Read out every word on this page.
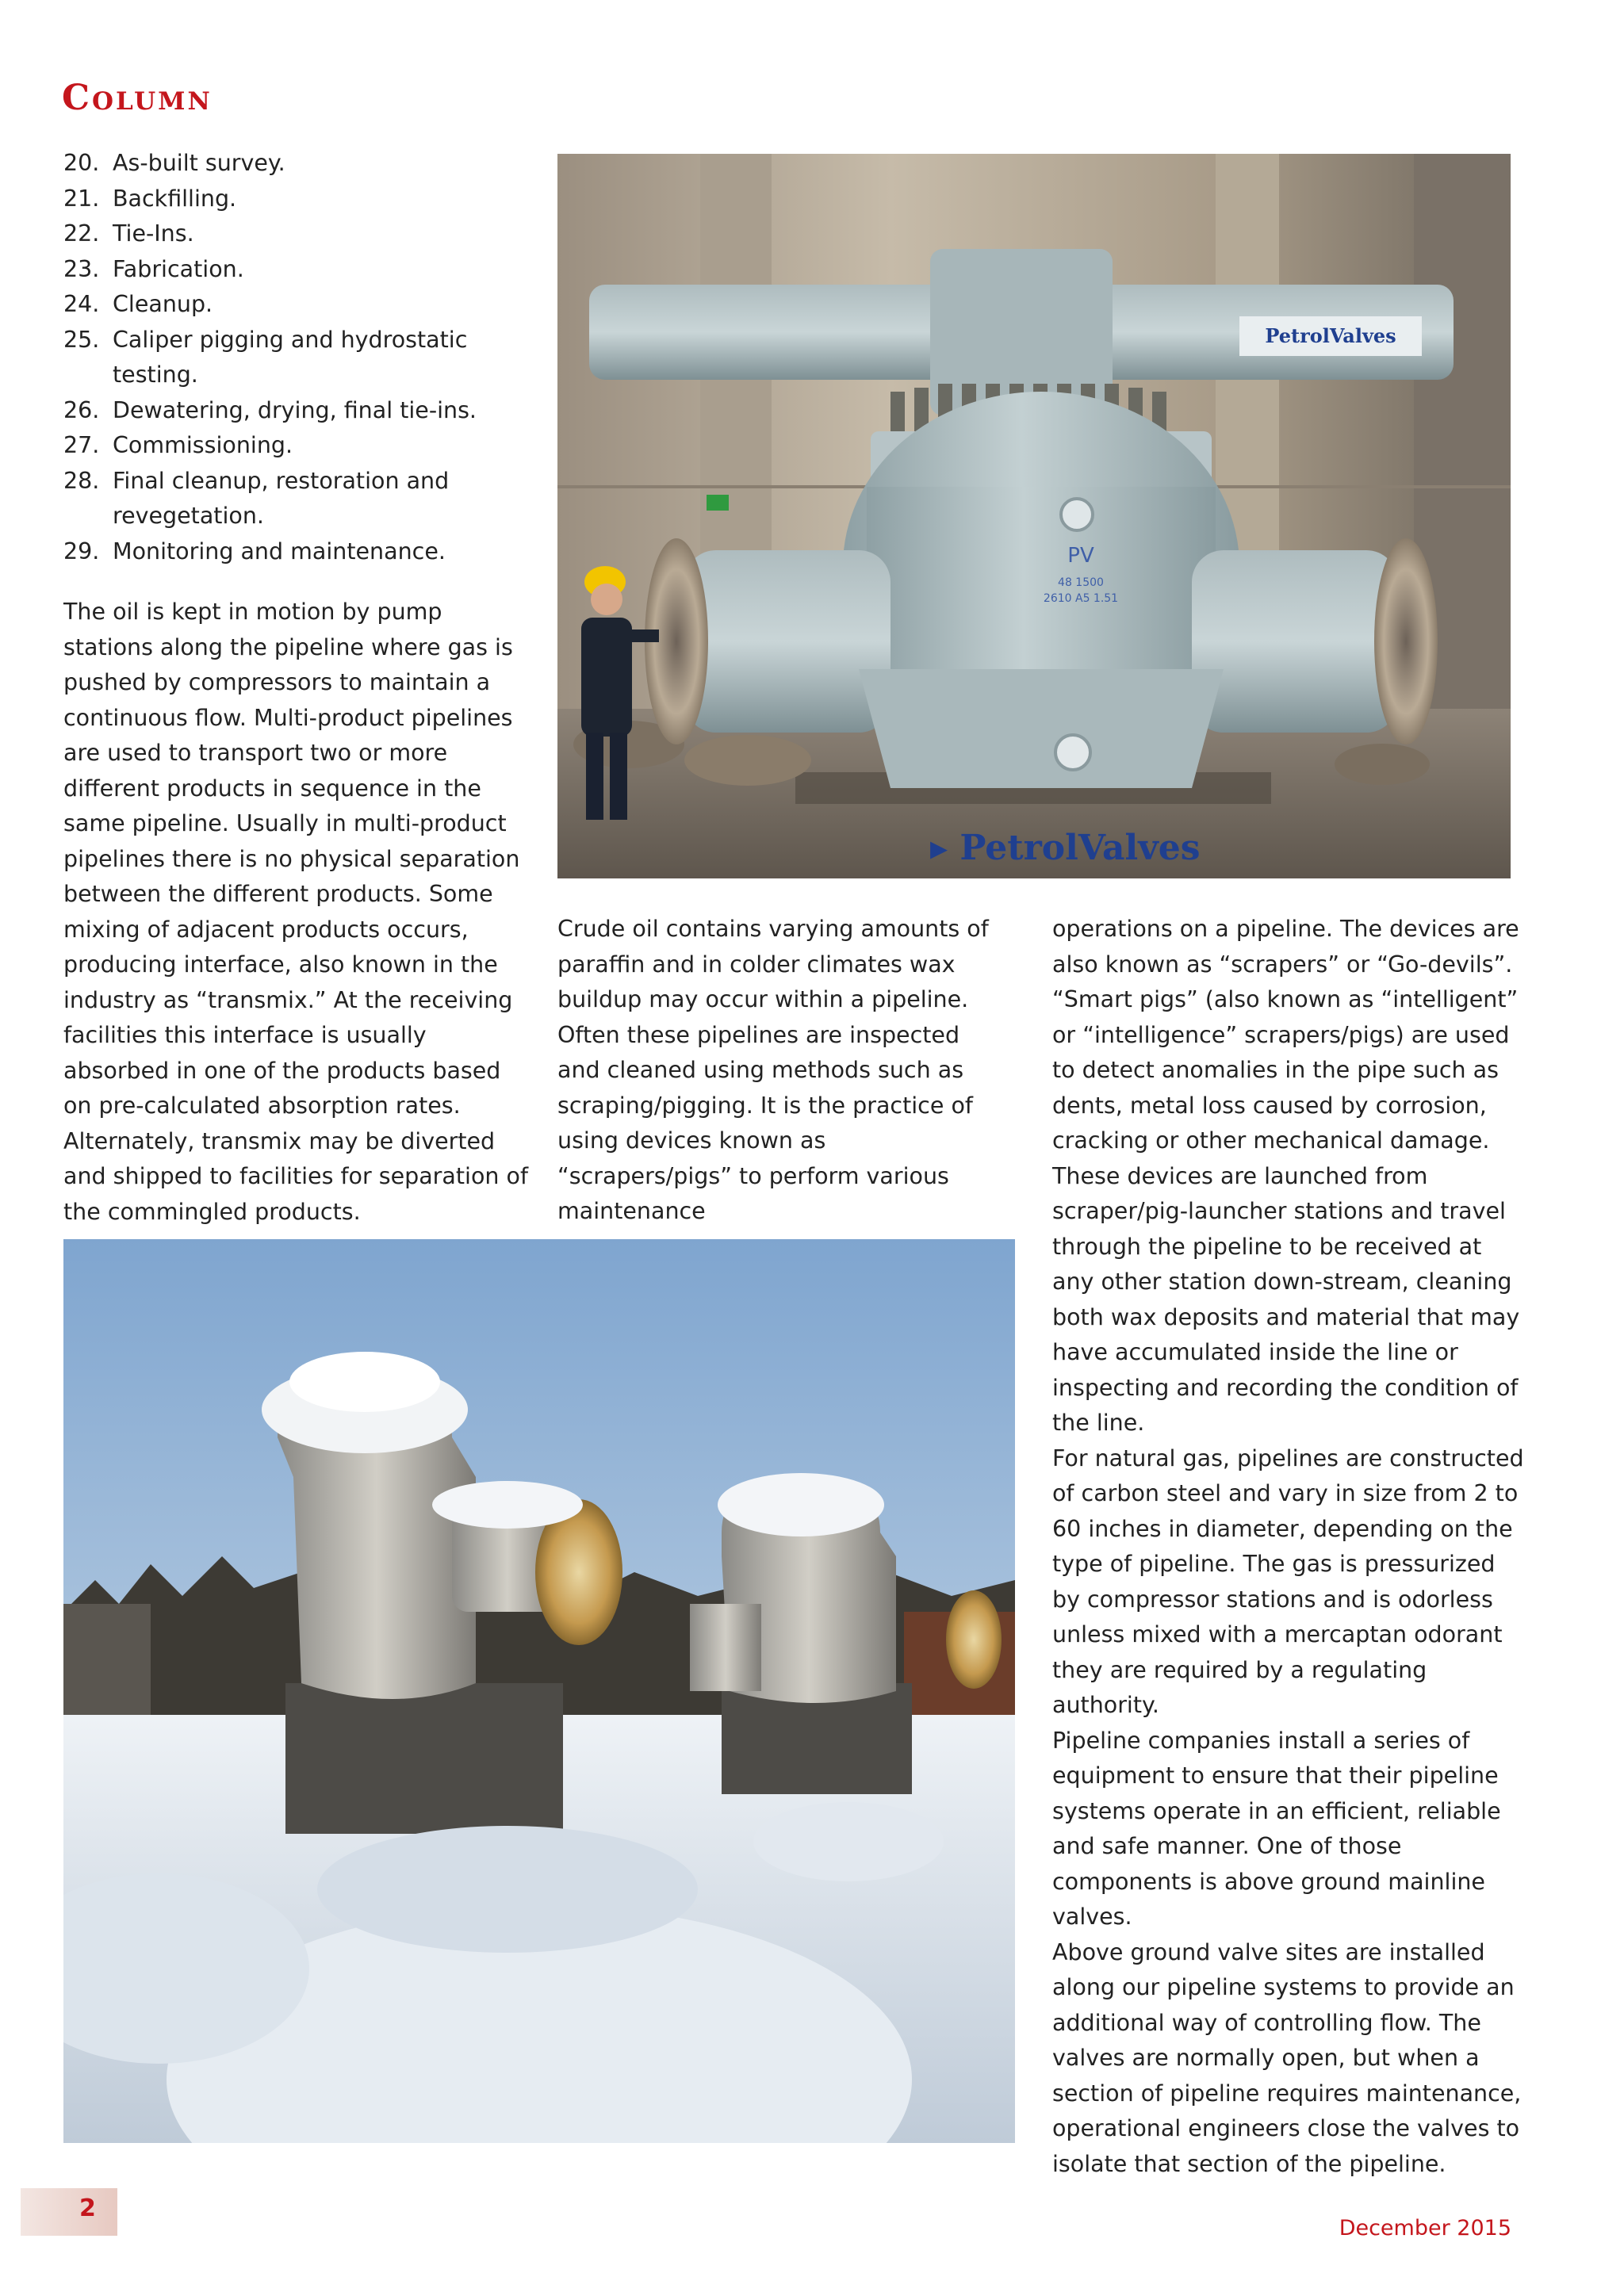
Column
20. As-built survey.
21. Backfilling.
22. Tie-Ins.
23. Fabrication.
24. Cleanup.
25. Caliper pigging and hydrostatic testing.
26. Dewatering, drying, final tie-ins.
27. Commissioning.
28. Final cleanup, restoration and revegetation.
29. Monitoring and maintenance.

The oil is kept in motion by pump stations along the pipeline where gas is pushed by compressors to maintain a continuous flow. Multi-product pipelines are used to transport two or more different products in sequence in the same pipeline. Usually in multi-product pipelines there is no physical separation between the different products. Some mixing of adjacent products occurs, producing interface, also known in the industry as “transmix.” At the receiving facilities this interface is usually absorbed in one of the products based on pre-calculated absorption rates. Alternately, transmix may be diverted and shipped to facilities for separation of the commingled products.

PetrolValves
PV
48 1500
2610 A5 1.51
▸ PetrolValves

Crude oil contains varying amounts of paraffin and in colder climates wax buildup may occur within a pipeline. Often these pipelines are inspected and cleaned using methods such as scraping/pigging. It is the practice of using devices known as “scrapers/pigs” to perform various maintenance

operations on a pipeline. The devices are also known as “scrapers” or “Go-devils”. “Smart pigs” (also known as “intelligent” or “intelligence” scrapers/pigs) are used to detect anomalies in the pipe such as dents, metal loss caused by corrosion, cracking or other mechanical damage.

These devices are launched from scraper/pig-launcher stations and travel through the pipeline to be received at any other station down-stream, cleaning both wax deposits and material that may have accumulated inside the line or inspecting and recording the condition of the line.

For natural gas, pipelines are constructed of carbon steel and vary in size from 2 to 60 inches in diameter, depending on the type of pipeline. The gas is pressurized by compressor stations and is odorless unless mixed with a mercaptan odorant they are required by a regulating authority.

Pipeline companies install a series of equipment to ensure that their pipeline systems operate in an efficient, reliable and safe manner. One of those components is above ground mainline valves.

Above ground valve sites are installed along our pipeline systems to provide an additional way of controlling flow. The valves are normally open, but when a section of pipeline requires maintenance, operational engineers close the valves to isolate that section of the pipeline.

2
December 2015
